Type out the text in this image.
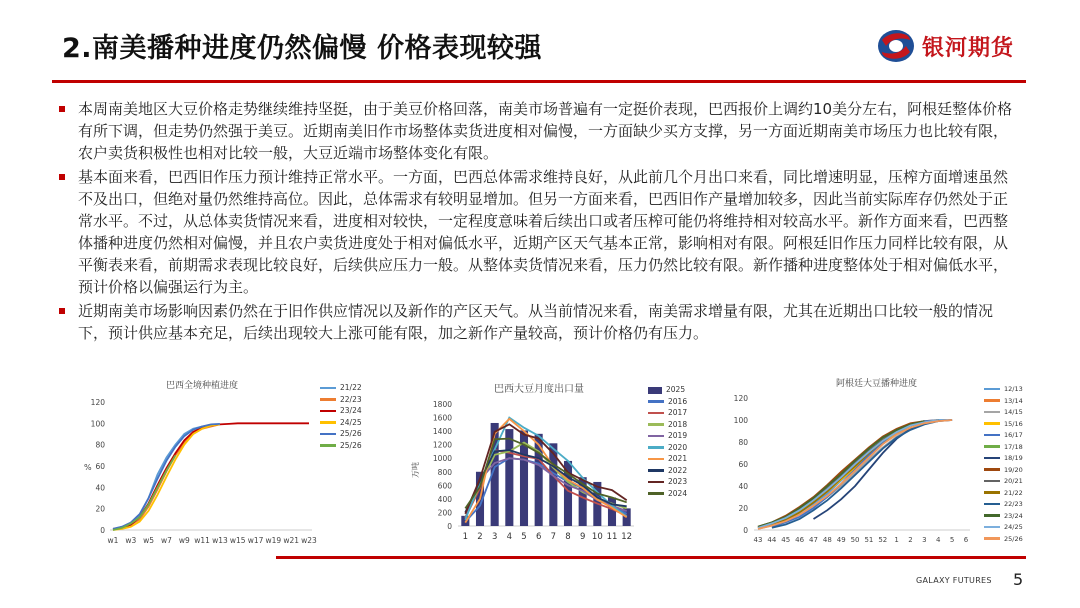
2.南美播种进度仍然偏慢 价格表现较强	银河期货
本周南美地区大豆价格走势继续维持坚挺，由于美豆价格回落，南美市场普遍有一定挺价表现，巴西报价上调约10美分左右，阿根廷整体价格有所下调，但走势仍然强于美豆。近期南美旧作市场整体卖货进度相对偏慢，一方面缺少买方支撑，另一方面近期南美市场压力也比较有限，农户卖货积极性也相对比较一般，大豆近端市场整体变化有限。
基本面来看，巴西旧作压力预计维持正常水平。一方面，巴西总体需求维持良好，从此前几个月出口来看，同比增速明显，压榨方面增速虽然不及出口，但绝对量仍然维持高位。因此，总体需求有较明显增加。但另一方面来看，巴西旧作产量增加较多，因此当前实际库存仍然处于正常水平。不过，从总体卖货情况来看，进度相对较快，一定程度意味着后续出口或者压榨可能仍将维持相对较高水平。新作方面来看，巴西整体播种进度仍然相对偏慢，并且农户卖货进度处于相对偏低水平，近期产区天气基本正常，影响相对有限。阿根廷旧作压力同样比较有限，从平衡表来看，前期需求表现比较良好，后续供应压力一般。从整体卖货情况来看，压力仍然比较有限。新作播种进度整体处于相对偏低水平，预计价格以偏强运行为主。
近期南美市场影响因素仍然在于旧作供应情况以及新作的产区天气。从当前情况来看，南美需求增量有限，尤其在近期出口比较一般的情况下，预计供应基本充足，后续出现较大上涨可能有限，加之新作产量较高，预计价格仍有压力。
巴西全境种植进度
0
20
40
60
80
100
120
%
w1 w3 w5 w7 w9 w11 w13 w15 w17 w19 w21 w23
21/22
22/23
23/24
24/25
25/26
25/26
巴西大豆月度出口量
0
200
400
600
800
1000
1200
1400
1600
1800
万吨
1 2 3 4 5 6 7 8 9 10 11 12
2025
2016
2017
2018
2019
2020
2021
2022
2023
2024
阿根廷大豆播种进度
0
20
40
60
80
100
120
43 44 45 46 47 48 49 50 51 52 1 2 3 4 5 6
12/13
13/14
14/15
15/16
16/17
17/18
18/19
19/20
20/21
21/22
22/23
23/24
24/25
25/26
GALAXY FUTURES 5
